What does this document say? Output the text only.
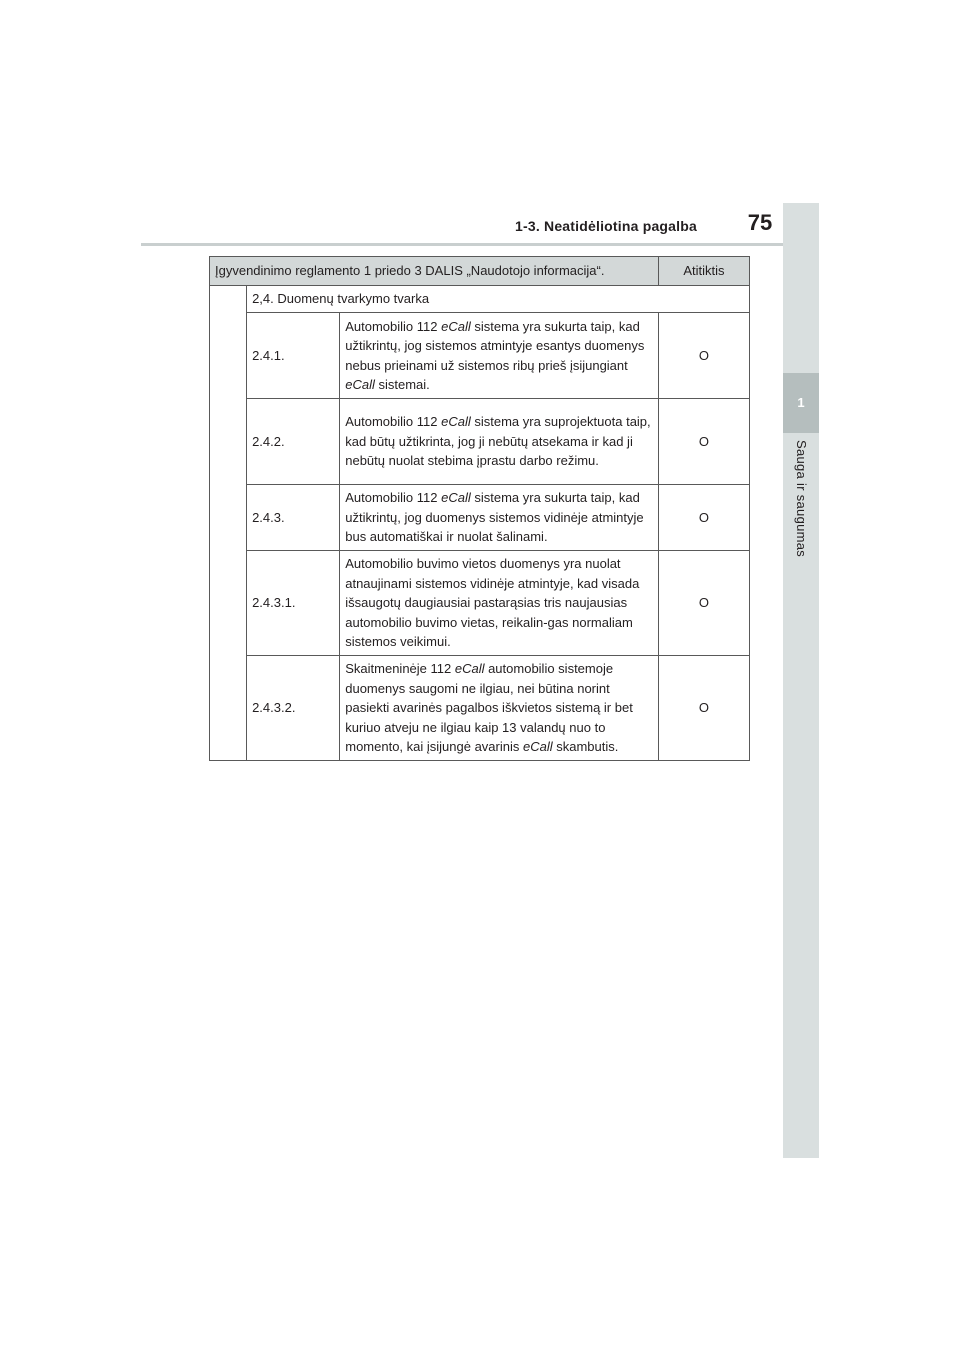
1-3. Neatidėliotina pagalba	75
1
Sauga ir saugumas
Įgyvendinimo reglamento 1 priedo 3 DALIS „Naudotojo informacija“.			Atitiktis
	2,4. Duomenų tvarkymo tvarka		
	2.4.1.	Automobilio 112 eCall sistema yra sukurta taip, kad užtikrintų, jog sistemos atmintyje esantys duomenys nebus prieinami už sistemos ribų prieš įsijungiant eCall sistemai.	O
	2.4.2.	Automobilio 112 eCall sistema yra suprojektuota taip, kad būtų užtikrinta, jog ji nebūtų atsekama ir kad ji nebūtų nuolat stebima įprastu darbo režimu.	O
	2.4.3.	Automobilio 112 eCall sistema yra sukurta taip, kad užtikrintų, jog duomenys sistemos vidinėje atmintyje bus automatiškai ir nuolat šalinami.	O
	2.4.3.1.	Automobilio buvimo vietos duomenys yra nuolat atnaujinami sistemos vidinėje atmintyje, kad visada išsaugotų daugiausiai pastarąsias tris naujausias automobilio buvimo vietas, reikalin-gas normaliam sistemos veikimui.	O
	2.4.3.2.	Skaitmeninėje 112 eCall automobilio sistemoje duomenys saugomi ne ilgiau, nei būtina norint pasiekti avarinės pagalbos iškvietos sistemą ir bet kuriuo atveju ne ilgiau kaip 13 valandų nuo to momento, kai įsijungė avarinis eCall skambutis.	O
